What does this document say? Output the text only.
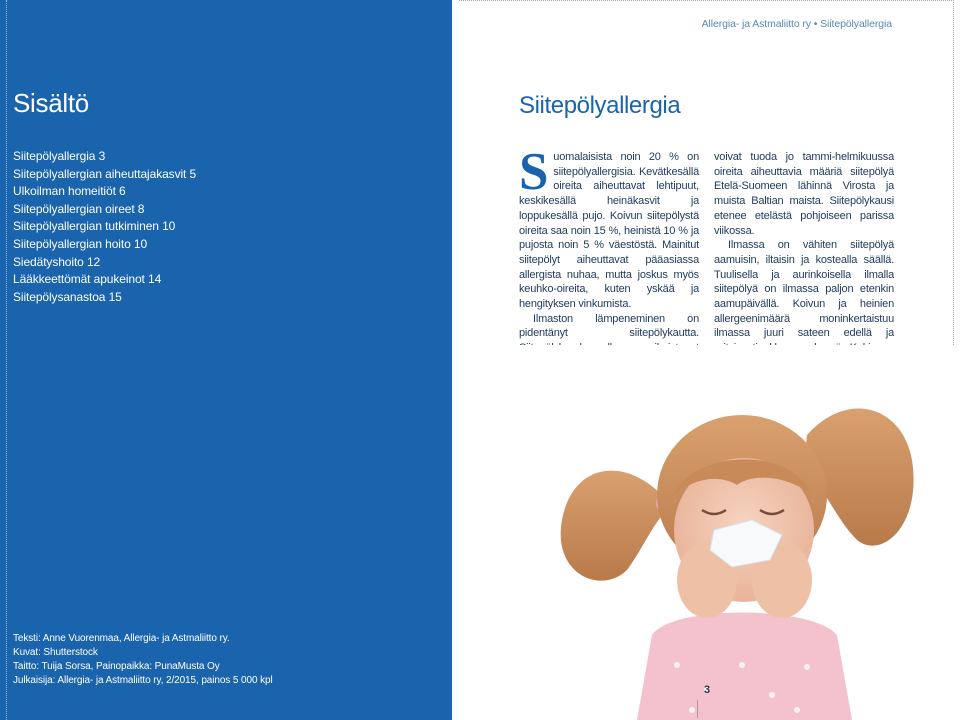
Sisältö
Siitepölyallergia 3
Siitepölyallergian aiheuttajakasvit 5
Ulkoilman homeitiöt 6
Siitepölyallergian oireet 8
Siitepölyallergian tutkiminen 10
Siitepölyallergian hoito 10
Siedätyshoito 12
Lääkkeettömät apukeinot 14
Siitepölysanastoa 15
Teksti: Anne Vuorenmaa, Allergia- ja Astmaliitto ry.
Kuvat: Shutterstock
Taitto: Tuija Sorsa, Painopaikka: PunaMusta Oy
Julkaisija: Allergia- ja Astmaliitto ry, 2/2015, painos 5 000 kpl
Allergia- ja Astmaliitto ry • Siitepölyallergia
Siitepölyallergia

Suomalaisista noin 20 % on siitepölyallergisia. Kevätkesällä oireita aiheuttavat lehtipuut, keskikesällä heinäkasvit ja loppukesällä pujo. Koivun siitepölystä oireita saa noin 15 %, heinistä 10 % ja pujosta noin 5 % väestöstä. Mainitut siitepölyt aiheuttavat pääasiassa allergista nuhaa, mutta joskus myös keuhko-oireita, kuten yskää ja hengityksen vinkumista.

Ilmaston lämpeneminen on pidentänyt siitepölykautta.

voivat tuoda jo tammi-helmikuussa oireita aiheuttavia määriä siitepölyä Etelä-Suomeen lähinnä Virosta ja muista Baltian maista. Siitepölykausi etenee etelästä pohjoiseen parissa viikossa.

Ilmassa on vähiten siitepölyä aamuisin, iltaisin ja kostealla säällä. Tuulisella ja aurinkoisella ilmalla siitepölyä on ilmassa paljon etenkin aamupäivällä. Koivun ja heinien allergeenimäärä moninkertaistuu ilmassa juuri sateen edellä ja

3
